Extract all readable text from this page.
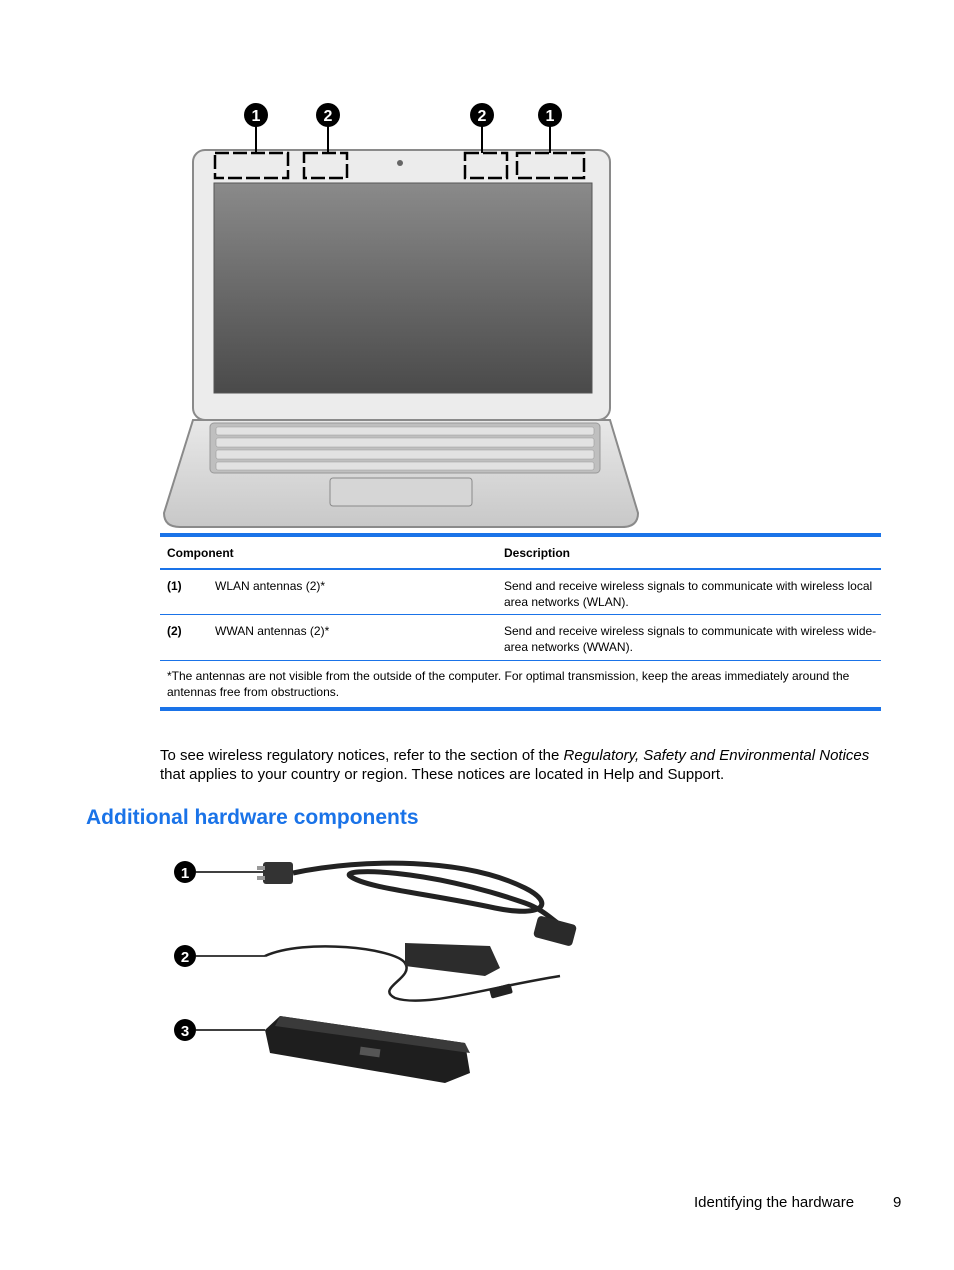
1	2	2	1
Component	Description
(1)	WLAN antennas (2)*	Send and receive wireless signals to communicate with wireless local area networks (WLAN).
(2)	WWAN antennas (2)*	Send and receive wireless signals to communicate with wireless wide-area networks (WWAN).
*The antennas are not visible from the outside of the computer. For optimal transmission, keep the areas immediately around the antennas free from obstructions.

To see wireless regulatory notices, refer to the section of the Regulatory, Safety and Environmental Notices that applies to your country or region. These notices are located in Help and Support.

Additional hardware components
1
2
3
Identifying the hardware	9
